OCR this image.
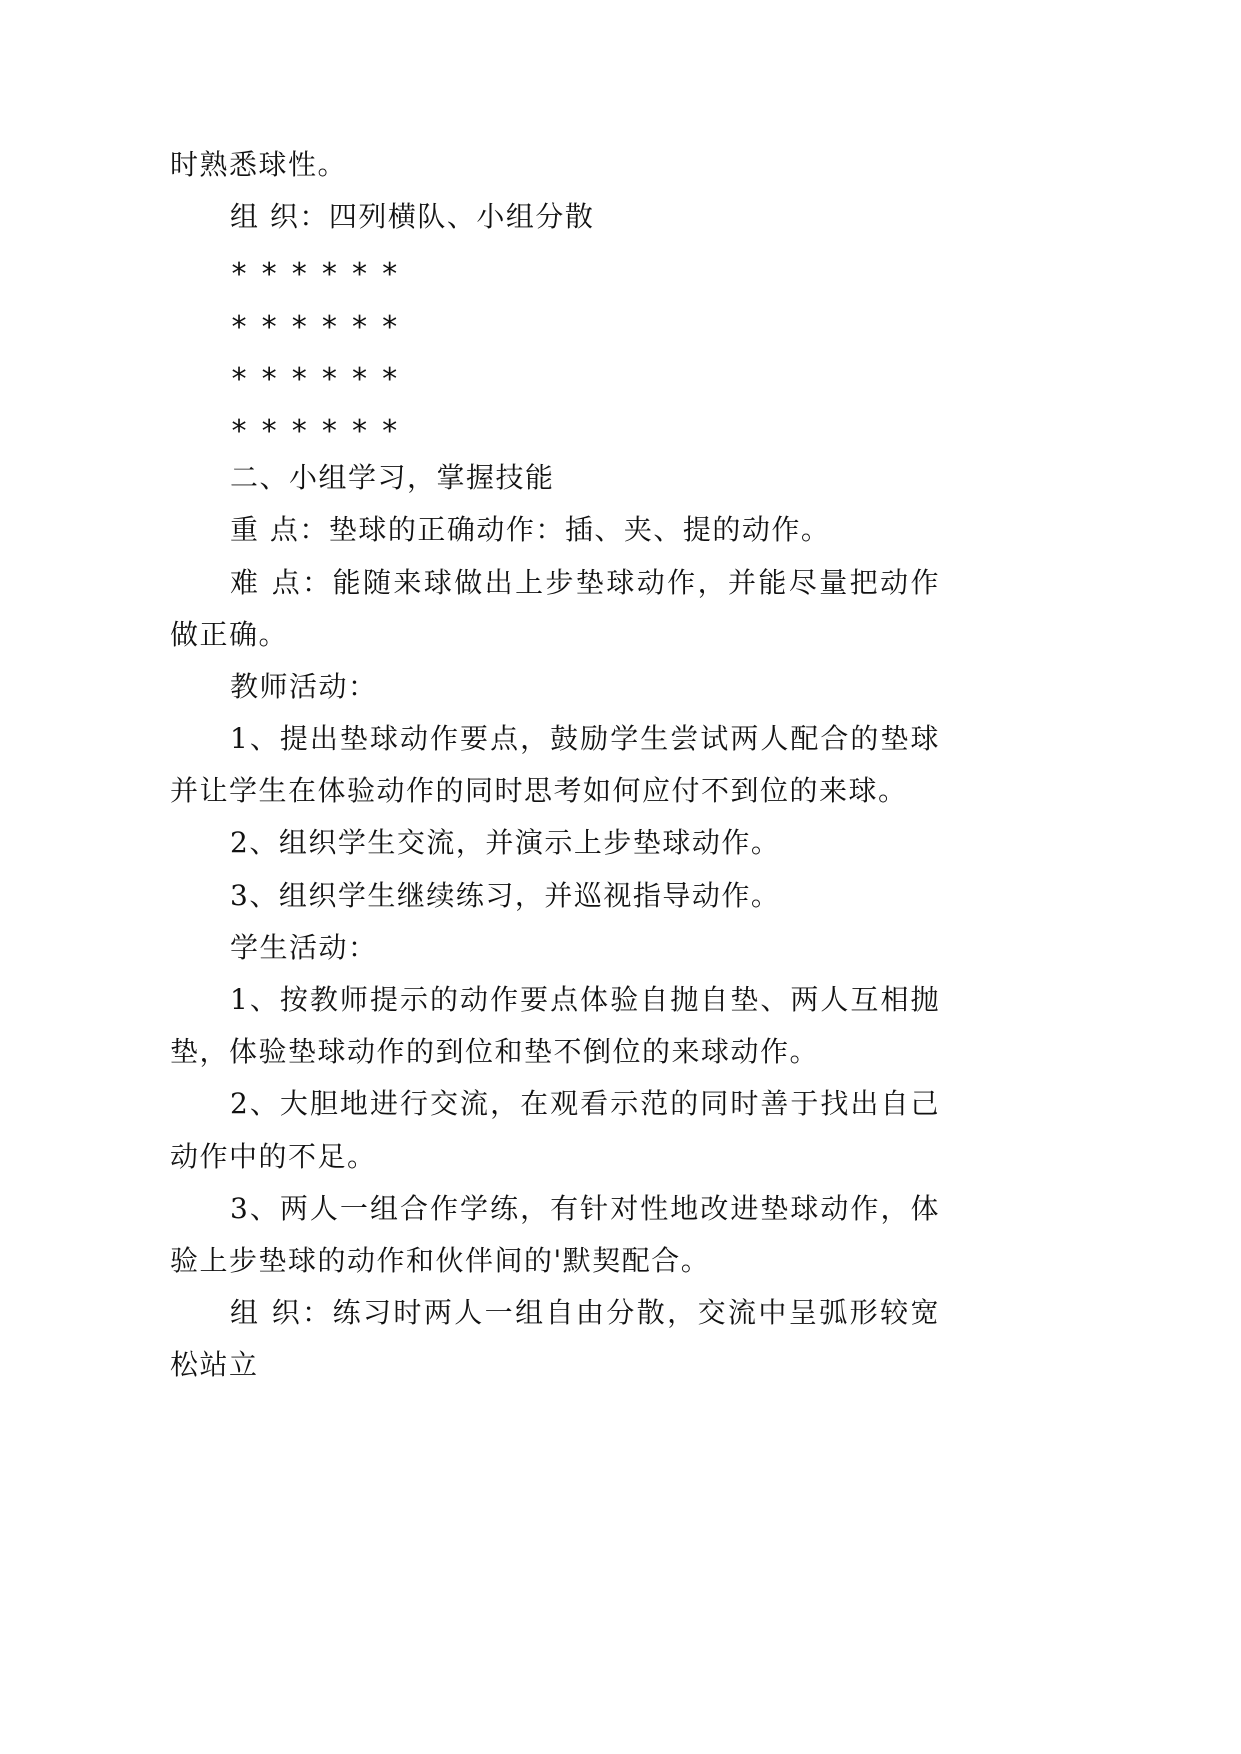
时熟悉球性。
组 织：四列横队、小组分散
* * * * * *
* * * * * *
* * * * * *
* * * * * *
二、小组学习，掌握技能
重 点：垫球的正确动作：插、夹、提的动作。
难 点：能随来球做出上步垫球动作，并能尽量把动作
做正确。
教师活动：
1、提出垫球动作要点，鼓励学生尝试两人配合的垫球
并让学生在体验动作的同时思考如何应付不到位的来球。
2、组织学生交流，并演示上步垫球动作。
3、组织学生继续练习，并巡视指导动作。
学生活动：
1、按教师提示的动作要点体验自抛自垫、两人互相抛
垫，体验垫球动作的到位和垫不倒位的来球动作。
2、大胆地进行交流，在观看示范的同时善于找出自己
动作中的不足。
3、两人一组合作学练，有针对性地改进垫球动作，体
验上步垫球的动作和伙伴间的'默契配合。
组 织：练习时两人一组自由分散，交流中呈弧形较宽
松站立
